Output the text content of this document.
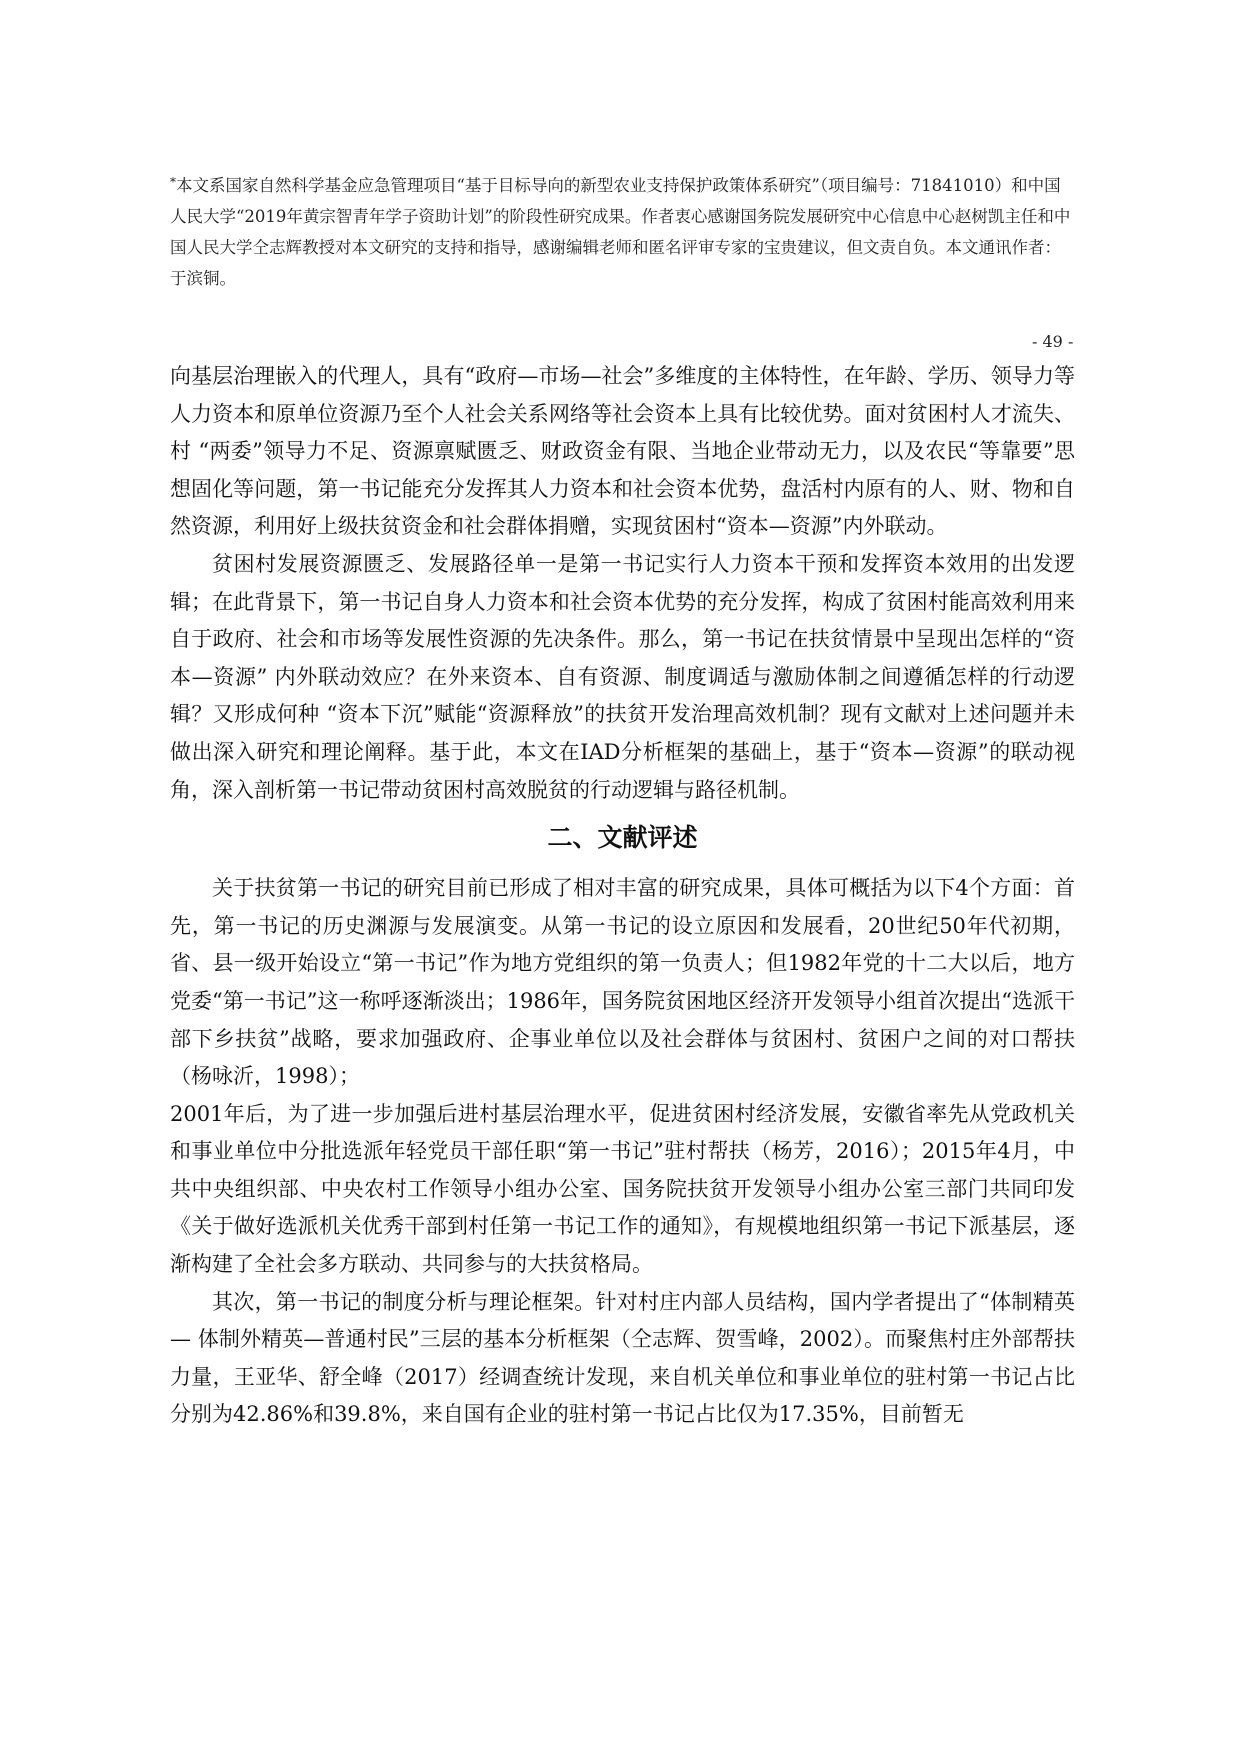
*本文系国家自然科学基金应急管理项目“基于目标导向的新型农业支持保护政策体系研究”（项目编号：71841010）和中国人民大学“2019年黄宗智青年学子资助计划”的阶段性研究成果。作者衷心感谢国务院发展研究中心信息中心赵树凯主任和中国人民大学仝志辉教授对本文研究的支持和指导，感谢编辑老师和匿名评审专家的宝贵建议，但文责自负。本文通讯作者：于滨铜。
- 49 -

向基层治理嵌入的代理人，具有“政府—市场—社会”多维度的主体特性，在年龄、学历、领导力等人力资本和原单位资源乃至个人社会关系网络等社会资本上具有比较优势。面对贫困村人才流失、村 “两委”领导力不足、资源禀赋匮乏、财政资金有限、当地企业带动无力，以及农民“等靠要”思想固化等问题，第一书记能充分发挥其人力资本和社会资本优势，盘活村内原有的人、财、物和自然资源，利用好上级扶贫资金和社会群体捐赠，实现贫困村“资本—资源”内外联动。

贫困村发展资源匮乏、发展路径单一是第一书记实行人力资本干预和发挥资本效用的出发逻辑；在此背景下，第一书记自身人力资本和社会资本优势的充分发挥，构成了贫困村能高效利用来自于政府、社会和市场等发展性资源的先决条件。那么，第一书记在扶贫情景中呈现出怎样的“资本—资源” 内外联动效应？在外来资本、自有资源、制度调适与激励体制之间遵循怎样的行动逻辑？又形成何种 “资本下沉”赋能“资源释放”的扶贫开发治理高效机制？现有文献对上述问题并未做出深入研究和理论阐释。基于此，本文在IAD分析框架的基础上，基于“资本—资源”的联动视角，深入剖析第一书记带动贫困村高效脱贫的行动逻辑与路径机制。

二、文献评述

关于扶贫第一书记的研究目前已形成了相对丰富的研究成果，具体可概括为以下4个方面：首先，第一书记的历史渊源与发展演变。从第一书记的设立原因和发展看，20世纪50年代初期，省、县一级开始设立“第一书记”作为地方党组织的第一负责人；但1982年党的十二大以后，地方党委“第一书记”这一称呼逐渐淡出；1986年，国务院贫困地区经济开发领导小组首次提出“选派干部下乡扶贫”战略，要求加强政府、企事业单位以及社会群体与贫困村、贫困户之间的对口帮扶（杨咏沂，1998）；

2001年后，为了进一步加强后进村基层治理水平，促进贫困村经济发展，安徽省率先从党政机关和事业单位中分批选派年轻党员干部任职“第一书记”驻村帮扶（杨芳，2016）；2015年4月，中共中央组织部、中央农村工作领导小组办公室、国务院扶贫开发领导小组办公室三部门共同印发《关于做好选派机关优秀干部到村任第一书记工作的通知》，有规模地组织第一书记下派基层，逐渐构建了全社会多方联动、共同参与的大扶贫格局。

其次，第一书记的制度分析与理论框架。针对村庄内部人员结构，国内学者提出了“体制精英— 体制外精英—普通村民”三层的基本分析框架（仝志辉、贺雪峰，2002）。而聚焦村庄外部帮扶力量，王亚华、舒全峰（2017）经调查统计发现，来自机关单位和事业单位的驻村第一书记占比分别为42.86%和39.8%，来自国有企业的驻村第一书记占比仅为17.35%，目前暂无
